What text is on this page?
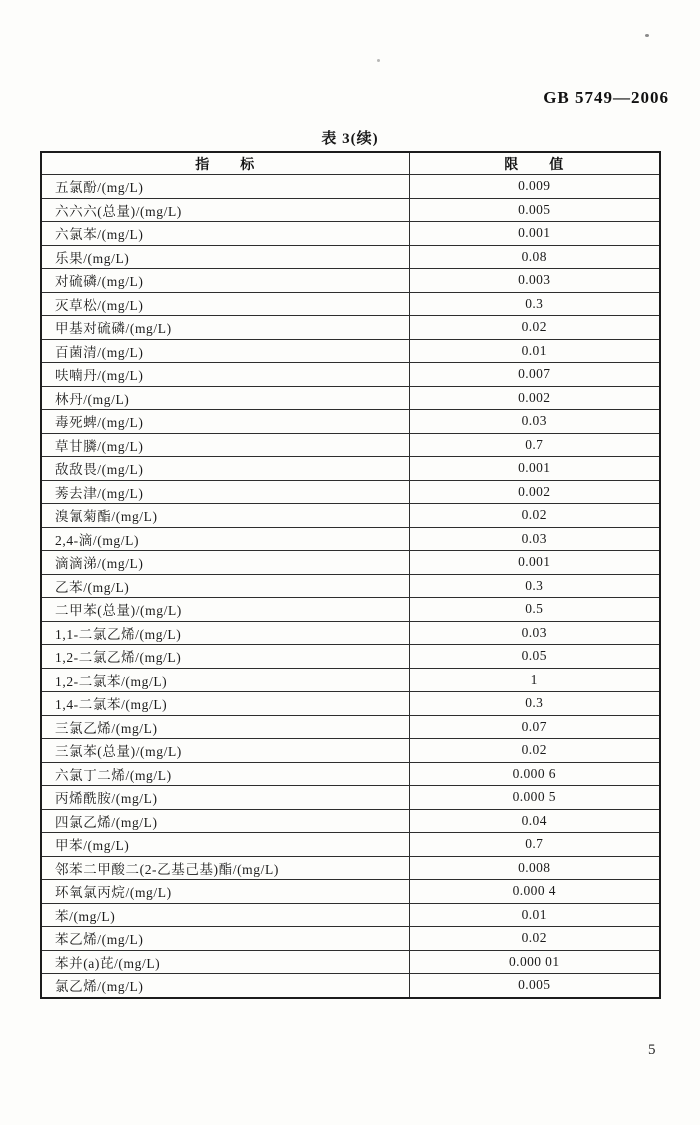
GB 5749—2006
表 3(续)
指　　标	限　　值
五氯酚/(mg/L)	0.009
六六六(总量)/(mg/L)	0.005
六氯苯/(mg/L)	0.001
乐果/(mg/L)	0.08
对硫磷/(mg/L)	0.003
灭草松/(mg/L)	0.3
甲基对硫磷/(mg/L)	0.02
百菌清/(mg/L)	0.01
呋喃丹/(mg/L)	0.007
林丹/(mg/L)	0.002
毒死蜱/(mg/L)	0.03
草甘膦/(mg/L)	0.7
敌敌畏/(mg/L)	0.001
莠去津/(mg/L)	0.002
溴氰菊酯/(mg/L)	0.02
2,4-滴/(mg/L)	0.03
滴滴涕/(mg/L)	0.001
乙苯/(mg/L)	0.3
二甲苯(总量)/(mg/L)	0.5
1,1-二氯乙烯/(mg/L)	0.03
1,2-二氯乙烯/(mg/L)	0.05
1,2-二氯苯/(mg/L)	1
1,4-二氯苯/(mg/L)	0.3
三氯乙烯/(mg/L)	0.07
三氯苯(总量)/(mg/L)	0.02
六氯丁二烯/(mg/L)	0.000 6
丙烯酰胺/(mg/L)	0.000 5
四氯乙烯/(mg/L)	0.04
甲苯/(mg/L)	0.7
邻苯二甲酸二(2-乙基己基)酯/(mg/L)	0.008
环氧氯丙烷/(mg/L)	0.000 4
苯/(mg/L)	0.01
苯乙烯/(mg/L)	0.02
苯并(a)芘/(mg/L)	0.000 01
氯乙烯/(mg/L)	0.005
5
